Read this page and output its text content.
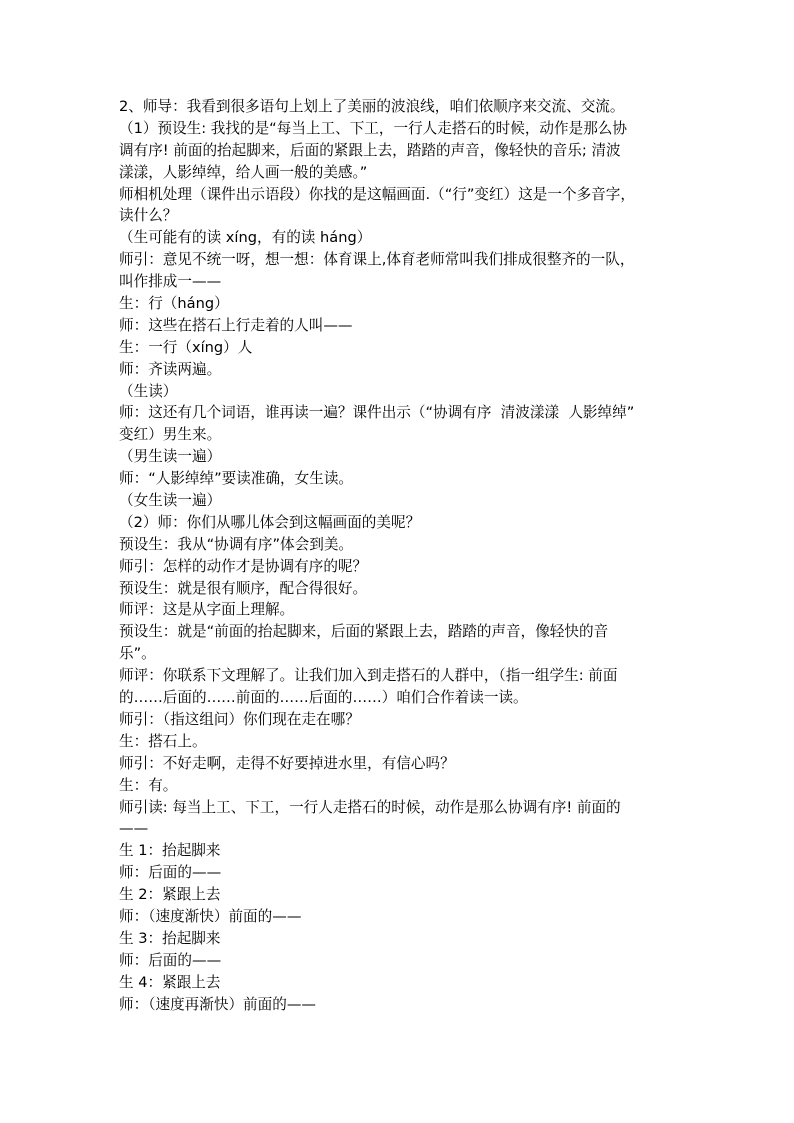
2、师导：我看到很多语句上划上了美丽的波浪线，咱们依顺序来交流、交流。
（1）预设生: 我找的是“每当上工、下工，一行人走搭石的时候，动作是那么协
调有序! 前面的抬起脚来，后面的紧跟上去，踏踏的声音，像轻快的音乐; 清波
漾漾，人影绰绰，给人画一般的美感。”
师相机处理（课件出示语段）你找的是这幅画面.（“行”变红）这是一个多音字，
读什么？
（生可能有的读 xíng，有的读 háng）
师引：意见不统一呀，想一想：体育课上,体育老师常叫我们排成很整齐的一队，
叫作排成一——
生：行（háng）
师：这些在搭石上行走着的人叫——
生：一行（xíng）人
师：齐读两遍。
（生读）
师：这还有几个词语，谁再读一遍？课件出示（“协调有序  清波漾漾  人影绰绰”
变红）男生来。
（男生读一遍）
师：“人影绰绰”要读准确，女生读。
（女生读一遍）
（2）师：你们从哪儿体会到这幅画面的美呢？
预设生：我从“协调有序”体会到美。
师引：怎样的动作才是协调有序的呢？
预设生：就是很有顺序，配合得很好。
师评：这是从字面上理解。
预设生：就是“前面的抬起脚来，后面的紧跟上去，踏踏的声音，像轻快的音
乐”。
师评：你联系下文理解了。让我们加入到走搭石的人群中，（指一组学生: 前面
的……后面的……前面的……后面的……）咱们合作着读一读。
师引：（指这组问）你们现在走在哪？
生：搭石上。
师引：不好走啊，走得不好要掉进水里，有信心吗？
生：有。
师引读: 每当上工、下工，一行人走搭石的时候，动作是那么协调有序! 前面的
——
生 1：抬起脚来
师：后面的——
生 2：紧跟上去
师：（速度渐快）前面的——
生 3：抬起脚来
师：后面的——
生 4：紧跟上去
师：（速度再渐快）前面的——
